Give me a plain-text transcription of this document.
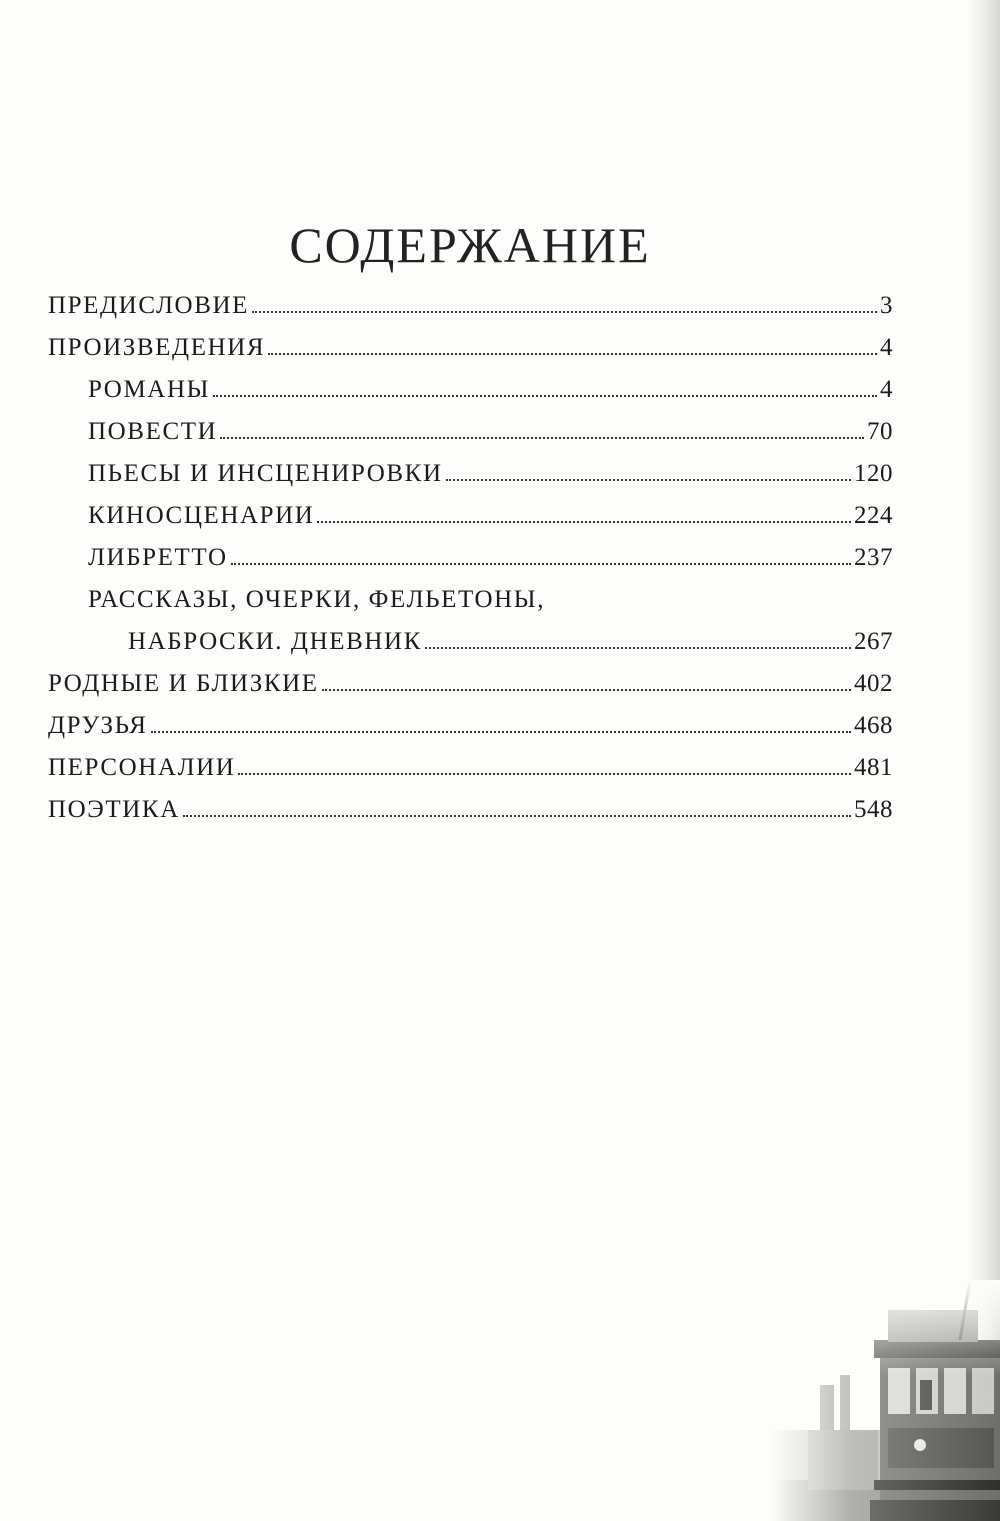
СОДЕРЖАНИЕ
ПРЕДИСЛОВИЕ	3
ПРОИЗВЕДЕНИЯ	4
РОМАНЫ	4
ПОВЕСТИ	70
ПЬЕСЫ И ИНСЦЕНИРОВКИ	120
КИНОСЦЕНАРИИ	224
ЛИБРЕТТО	237
РАССКАЗЫ, ОЧЕРКИ, ФЕЛЬЕТОНЫ,
НАБРОСКИ. ДНЕВНИК	267
РОДНЫЕ И БЛИЗКИЕ	402
ДРУЗЬЯ	468
ПЕРСОНАЛИИ	481
ПОЭТИКА	548
